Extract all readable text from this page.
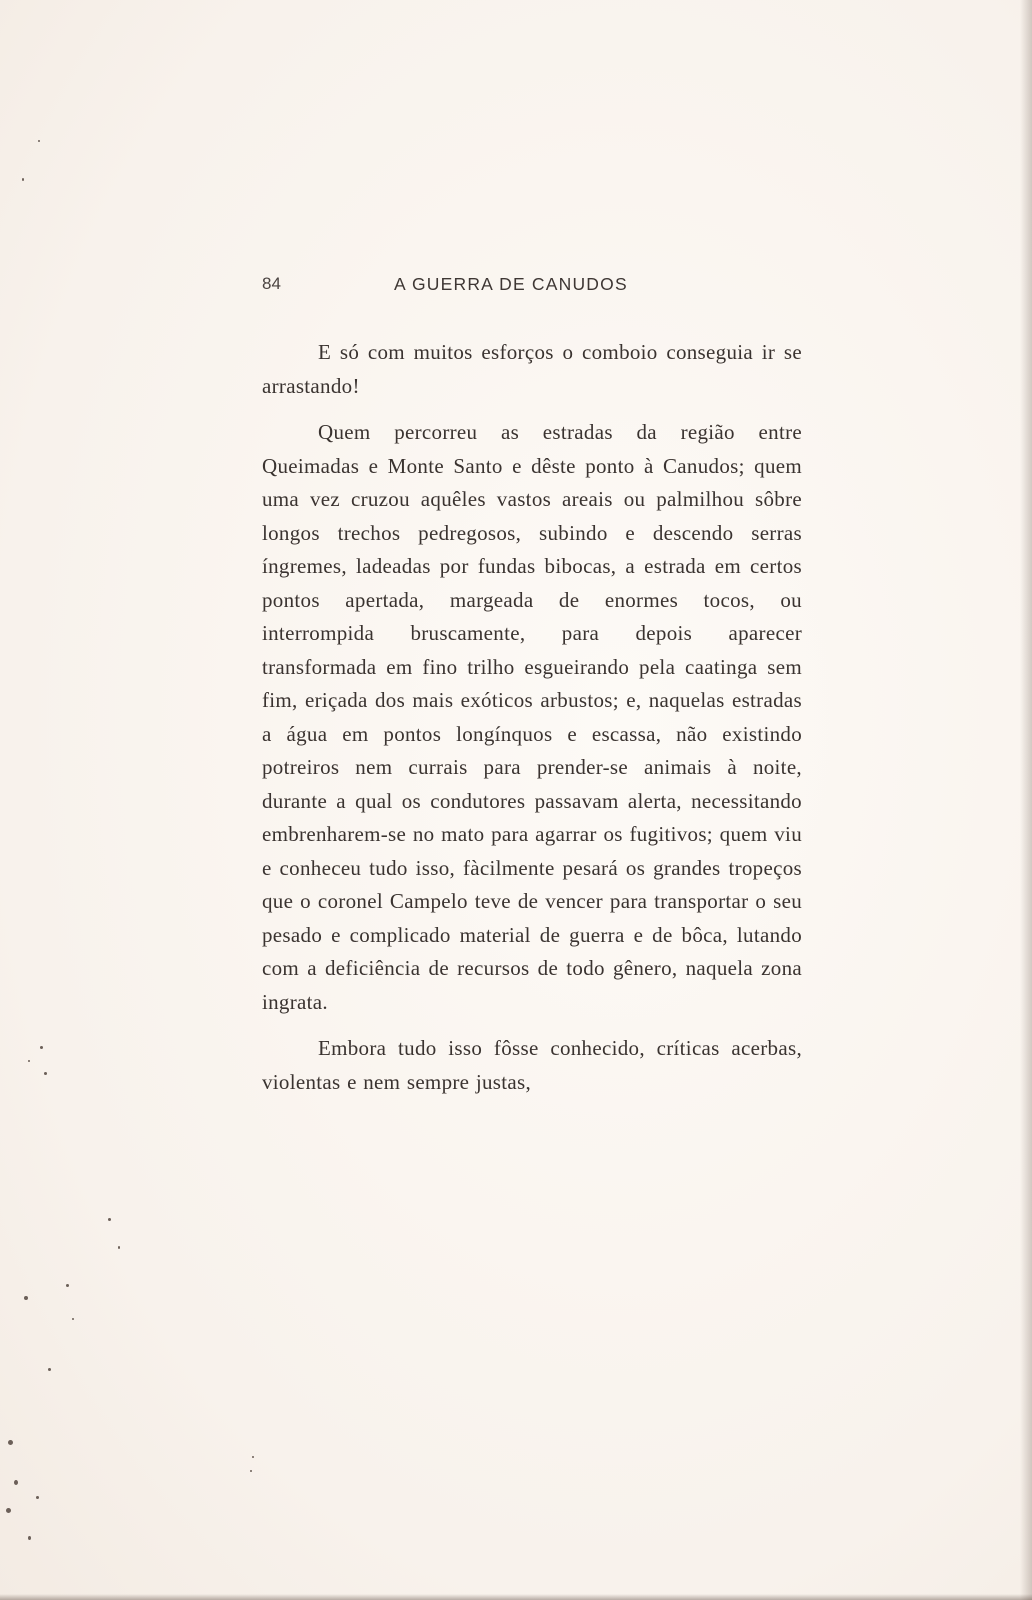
84	A GUERRA DE CANUDOS

E só com muitos esforços o comboio conseguia ir se arrastando!

Quem percorreu as estradas da região entre Queimadas e Monte Santo e dêste ponto à Canudos; quem uma vez cruzou aquêles vastos areais ou palmilhou sôbre longos trechos pedregosos, subindo e descendo serras íngremes, ladeadas por fundas bibocas, a estrada em certos pontos apertada, margeada de enormes tocos, ou interrompida bruscamente, para depois aparecer transformada em fino trilho esgueirando pela caatinga sem fim, eriçada dos mais exóticos arbustos; e, naquelas estradas a água em pontos longínquos e escassa, não existindo potreiros nem currais para prender-se animais à noite, durante a qual os condutores passavam alerta, necessitando embrenharem-se no mato para agarrar os fugitivos; quem viu e conheceu tudo isso, fàcilmente pesará os grandes tropeços que o coronel Campelo teve de vencer para transportar o seu pesado e complicado material de guerra e de bôca, lutando com a deficiência de recursos de todo gênero, naquela zona ingrata.

Embora tudo isso fôsse conhecido, críticas acerbas, violentas e nem sempre justas,
